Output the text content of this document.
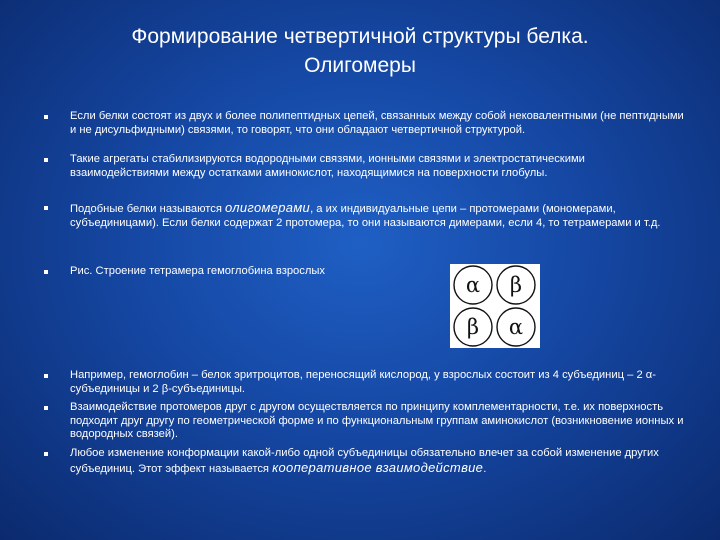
Формирование четвертичной структуры белка.
Олигомеры
Если белки состоят из двух и более полипептидных цепей, связанных между собой нековалентными (не пептидными и не дисульфидными) связями, то говорят, что они обладают четвертичной структурой.
Такие агрегаты стабилизируются водородными связями, ионными связями и электростатическими взаимодействиями между остатками аминокислот, находящимися на поверхности глобулы.
Подобные белки называются олигомерами, а их индивидуальные цепи – протомерами (мономерами, субъединицами). Если белки содержат 2 протомера, то они называются димерами, если 4, то тетрамерами и т.д.
Рис. Строение тетрамера гемоглобина взрослых
α β
β α
Например, гемоглобин – белок эритроцитов, переносящий кислород, у взрослых состоит из 4 субъединиц – 2 α-субъединицы и 2 β-субъединицы.
Взаимодействие протомеров друг с другом осуществляется по принципу комплементарности, т.е. их поверхность подходит друг другу по геометрической форме и по функциональным группам аминокислот (возникновение ионных и водородных связей).
Любое изменение конформации какой-либо одной субъединицы обязательно влечет за собой изменение других субъединиц. Этот эффект называется кооперативное взаимодействие.
